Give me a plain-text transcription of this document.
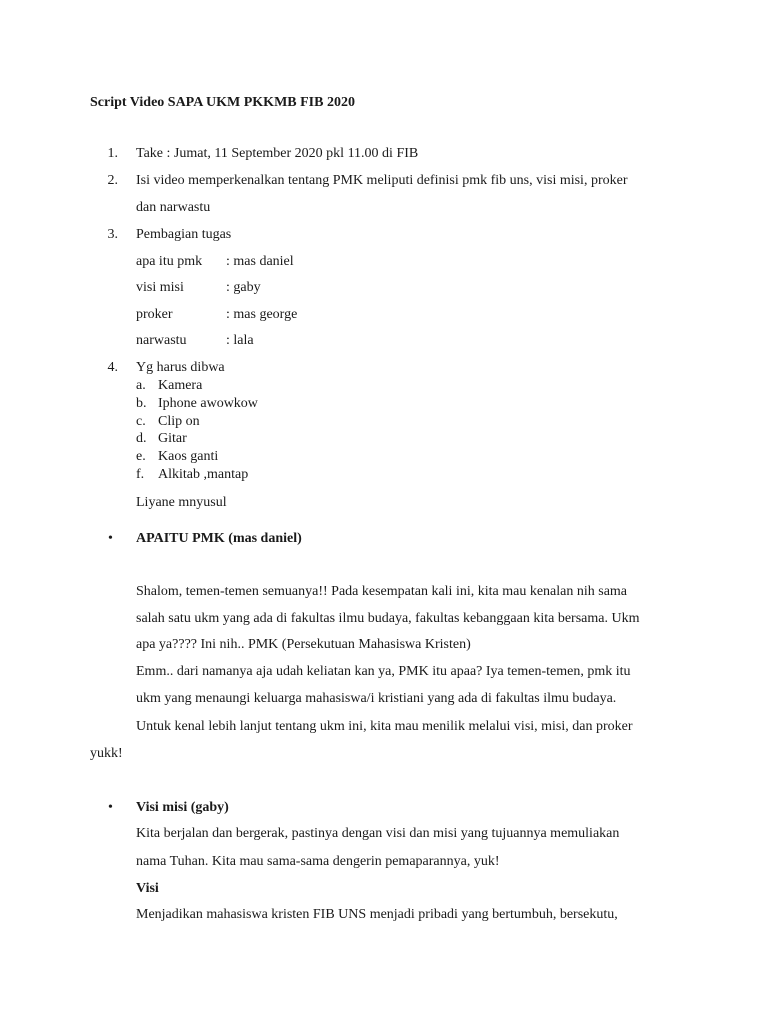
Script Video SAPA UKM PKKMB FIB 2020
1. Take : Jumat, 11 September 2020 pkl 11.00 di FIB
2. Isi video memperkenalkan tentang PMK meliputi definisi pmk fib uns, visi misi, proker
dan narwastu
3. Pembagian tugas
apa itu pmk : mas daniel
visi misi	: gaby
proker	: mas george
narwastu	: lala
4. Yg harus dibwa
a. Kamera
b. Iphone awowkow
c. Clip on
d. Gitar
e. Kaos ganti
f. Alkitab ,mantap
Liyane mnyusul
• APAITU PMK (mas daniel)
Shalom, temen-temen semuanya!! Pada kesempatan kali ini, kita mau kenalan nih sama
salah satu ukm yang ada di fakultas ilmu budaya, fakultas kebanggaan kita bersama. Ukm
apa ya???? Ini nih.. PMK (Persekutuan Mahasiswa Kristen)
Emm.. dari namanya aja udah keliatan kan ya, PMK itu apaa? Iya temen-temen, pmk itu
ukm yang menaungi keluarga mahasiswa/i kristiani yang ada di fakultas ilmu budaya.
Untuk kenal lebih lanjut tentang ukm ini, kita mau menilik melalui visi, misi, dan proker
yukk!
• Visi misi (gaby)
Kita berjalan dan bergerak, pastinya dengan visi dan misi yang tujuannya memuliakan
nama Tuhan. Kita mau sama-sama dengerin pemaparannya, yuk!
Visi
Menjadikan mahasiswa kristen FIB UNS menjadi pribadi yang bertumbuh, bersekutu,
